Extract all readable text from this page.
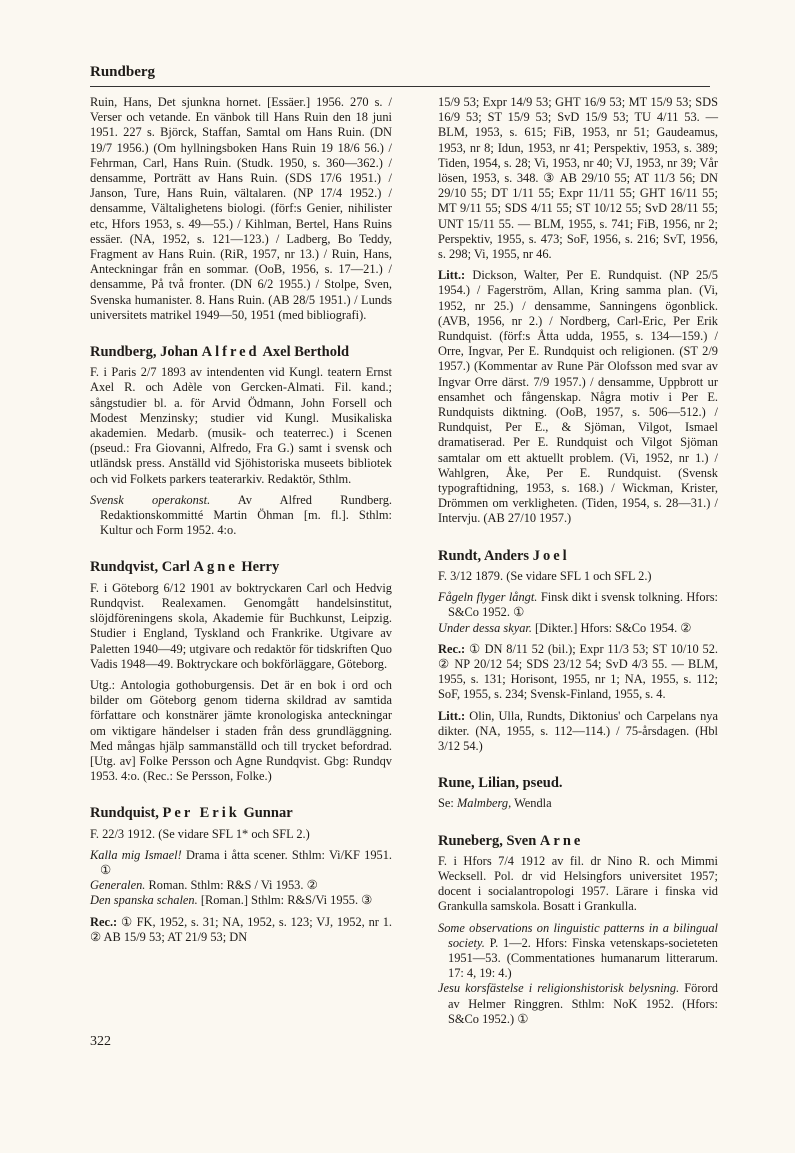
Rundberg
Ruin, Hans, Det sjunkna hornet. [Essäer.] 1956. 270 s. / Verser och vetande. En vänbok till Hans Ruin den 18 juni 1951. 227 s. Björck, Staffan, Samtal om Hans Ruin. (DN 19/7 1956.) (Om hyllningsboken Hans Ruin 19 18/6 56.) / Fehrman, Carl, Hans Ruin. (Studk. 1950, s. 360—362.) / densamme, Porträtt av Hans Ruin. (SDS 17/6 1951.) / Janson, Ture, Hans Ruin, vältalaren. (NP 17/4 1952.) / densamme, Vältalighetens biologi. (förf:s Genier, nihilister etc, Hfors 1953, s. 49—55.) / Kihlman, Bertel, Hans Ruins essäer. (NA, 1952, s. 121—123.) / Ladberg, Bo Teddy, Fragment av Hans Ruin. (RiR, 1957, nr 13.) / Ruin, Hans, Anteckningar från en sommar. (OoB, 1956, s. 17—21.) / densamme, På två fronter. (DN 6/2 1955.) / Stolpe, Sven, Svenska humanister. 8. Hans Ruin. (AB 28/5 1951.) / Lunds universitets matrikel 1949—50, 1951 (med bibliografi).
Rundberg, Johan Alfred Axel Berthold
F. i Paris 2/7 1893 av intendenten vid Kungl. teatern Ernst Axel R. och Adèle von Gercken-Almati. Fil. kand.; sångstudier bl. a. för Arvid Ödmann, John Forsell och Modest Menzinsky; studier vid Kungl. Musikaliska akademien. Medarb. (musik- och teaterrec.) i Scenen (pseud.: Fra Giovanni, Alfredo, Fra G.) samt i svensk och utländsk press. Anställd vid Sjöhistoriska museets bibliotek och vid Folkets parkers teaterarkiv. Redaktör, Sthlm.
Svensk operakonst. Av Alfred Rundberg. Redaktionskommitté Martin Öhman [m. fl.]. Sthlm: Kultur och Form 1952. 4:o.
Rundqvist, Carl Agne Herry
F. i Göteborg 6/12 1901 av boktryckaren Carl och Hedvig Rundqvist. Realexamen. Genomgått handelsinstitut, slöjdföreningens skola, Akademie für Buchkunst, Leipzig. Studier i England, Tyskland och Frankrike. Utgivare av Paletten 1940—49; utgivare och redaktör för tidskriften Quo Vadis 1948—49. Boktryckare och bokförläggare, Göteborg.
Utg.: Antologia gothoburgensis. Det är en bok i ord och bilder om Göteborg genom tiderna skildrad av samtida författare och konstnärer jämte kronologiska anteckningar om viktigare händelser i staden från dess grundläggning. Med mångas hjälp sammanställd och till trycket befordrad. [Utg. av] Folke Persson och Agne Rundqvist. Gbg: Rundqv 1953. 4:o. (Rec.: Se Persson, Folke.)
Rundquist, Per Erik Gunnar
F. 22/3 1912. (Se vidare SFL 1* och SFL 2.)
Kalla mig Ismael! Drama i åtta scener. Sthlm: Vi/KF 1951. ①
Generalen. Roman. Sthlm: R&S / Vi 1953. ②
Den spanska schalen. [Roman.] Sthlm: R&S/Vi 1955. ③
Rec.: ① FK, 1952, s. 31; NA, 1952, s. 123; VJ, 1952, nr 1. ② AB 15/9 53; AT 21/9 53; DN
15/9 53; Expr 14/9 53; GHT 16/9 53; MT 15/9 53; SDS 16/9 53; ST 15/9 53; SvD 15/9 53; TU 4/11 53. — BLM, 1953, s. 615; FiB, 1953, nr 51; Gaudeamus, 1953, nr 8; Idun, 1953, nr 41; Perspektiv, 1953, s. 389; Tiden, 1954, s. 28; Vi, 1953, nr 40; VJ, 1953, nr 39; Vår lösen, 1953, s. 348. ③ AB 29/10 55; AT 11/3 56; DN 29/10 55; DT 1/11 55; Expr 11/11 55; GHT 16/11 55; MT 9/11 55; SDS 4/11 55; ST 10/12 55; SvD 28/11 55; UNT 15/11 55. — BLM, 1955, s. 741; FiB, 1956, nr 2; Perspektiv, 1955, s. 473; SoF, 1956, s. 216; SvT, 1956, s. 298; Vi, 1955, nr 46.
Litt.: Dickson, Walter, Per E. Rundquist. (NP 25/5 1954.) / Fagerström, Allan, Kring samma plan. (Vi, 1952, nr 25.) / densamme, Sanningens ögonblick. (AVB, 1956, nr 2.) / Nordberg, Carl-Eric, Per Erik Rundquist. (förf:s Åtta udda, 1955, s. 134—159.) / Orre, Ingvar, Per E. Rundquist och religionen. (ST 2/9 1957.) (Kommentar av Rune Pär Olofsson med svar av Ingvar Orre därst. 7/9 1957.) / densamme, Uppbrott ur ensamhet och fångenskap. Några motiv i Per E. Rundquists diktning. (OoB, 1957, s. 506—512.) / Rundquist, Per E., & Sjöman, Vilgot, Ismael dramatiserad. Per E. Rundquist och Vilgot Sjöman samtalar om ett aktuellt problem. (Vi, 1952, nr 1.) / Wahlgren, Åke, Per E. Rundquist. (Svensk typograftidning, 1953, s. 168.) / Wickman, Krister, Drömmen om verkligheten. (Tiden, 1954, s. 28—31.) / Intervju. (AB 27/10 1957.)
Rundt, Anders Joel
F. 3/12 1879. (Se vidare SFL 1 och SFL 2.)
Fågeln flyger långt. Finsk dikt i svensk tolkning. Hfors: S&Co 1952. ①
Under dessa skyar. [Dikter.] Hfors: S&Co 1954. ②
Rec.: ① DN 8/11 52 (bil.); Expr 11/3 53; ST 10/10 52. ② NP 20/12 54; SDS 23/12 54; SvD 4/3 55. — BLM, 1955, s. 131; Horisont, 1955, nr 1; NA, 1955, s. 112; SoF, 1955, s. 234; Svensk-Finland, 1955, s. 4.
Litt.: Olin, Ulla, Rundts, Diktonius' och Carpelans nya dikter. (NA, 1955, s. 112—114.) / 75-årsdagen. (Hbl 3/12 54.)
Rune, Lilian, pseud.
Se: Malmberg, Wendla
Runeberg, Sven Arne
F. i Hfors 7/4 1912 av fil. dr Nino R. och Mimmi Wecksell. Pol. dr vid Helsingfors universitet 1957; docent i socialantropologi 1957. Lärare i finska vid Grankulla samskola. Bosatt i Grankulla.
Some observations on linguistic patterns in a bilingual society. P. 1—2. Hfors: Finska vetenskaps-societeten 1951—53. (Commentationes humanarum litterarum. 17: 4, 19: 4.)
Jesu korsfästelse i religionshistorisk belysning. Förord av Helmer Ringgren. Sthlm: NoK 1952. (Hfors: S&Co 1952.) ①
322
